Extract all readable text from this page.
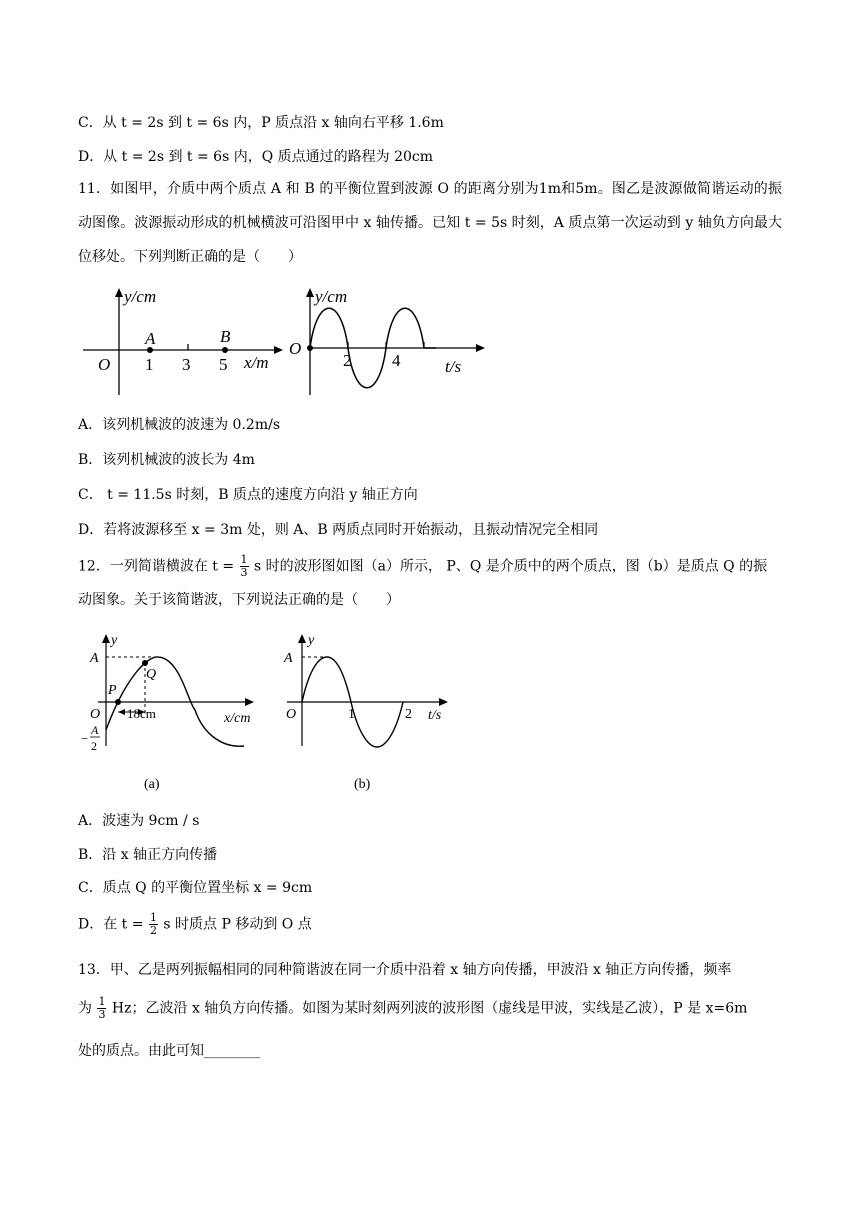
C．从 t = 2s 到 t = 6s 内，P 质点沿 x 轴向右平移 1.6m
D．从 t = 2s 到 t = 6s 内，Q 质点通过的路程为 20cm
11．如图甲，介质中两个质点 A 和 B 的平衡位置到波源 O 的距离分别为1m和5m。图乙是波源做简谐运动的振动图像。波源振动形成的机械横波可沿图甲中 x 轴传播。已知 t = 5s 时刻，A 质点第一次运动到 y 轴负方向最大位移处。下列判断正确的是（　　）
y/cm
O
A	B
1 3 5 x/m
y/cm
O
2 4	t/s
A．该列机械波的波速为 0.2m/s
B．该列机械波的波长为 4m
C． t = 11.5s 时刻，B 质点的速度方向沿 y 轴正方向
D．若将波源移至 x = 3m 处，则 A、B 两质点同时开始振动，且振动情况完全相同
12．一列简谐横波在 $t = \frac{1}{3}$ s 时的波形图如图（a）所示， P、Q 是介质中的两个质点，图（b）是质点 Q 的振
动图象。关于该简谐波，下列说法正确的是（　　）
y
A
Q
P
O 18cm	x/cm
−
A
2
(a)
y
A
O	1	2 t/s
(b)
A．波速为 9cm / s
B．沿 x 轴正方向传播
C．质点 Q 的平衡位置坐标 x = 9cm
D．在 $t = \frac{1}{2}$ s 时质点 P 移动到 O 点
13．甲、乙是两列振幅相同的同种简谐波在同一介质中沿着 x 轴方向传播，甲波沿 x 轴正方向传播，频率
为 $\frac{1}{3}$ Hz；乙波沿 x 轴负方向传播。如图为某时刻两列波的波形图（虚线是甲波，实线是乙波），P 是 x=6m
处的质点。由此可知________
